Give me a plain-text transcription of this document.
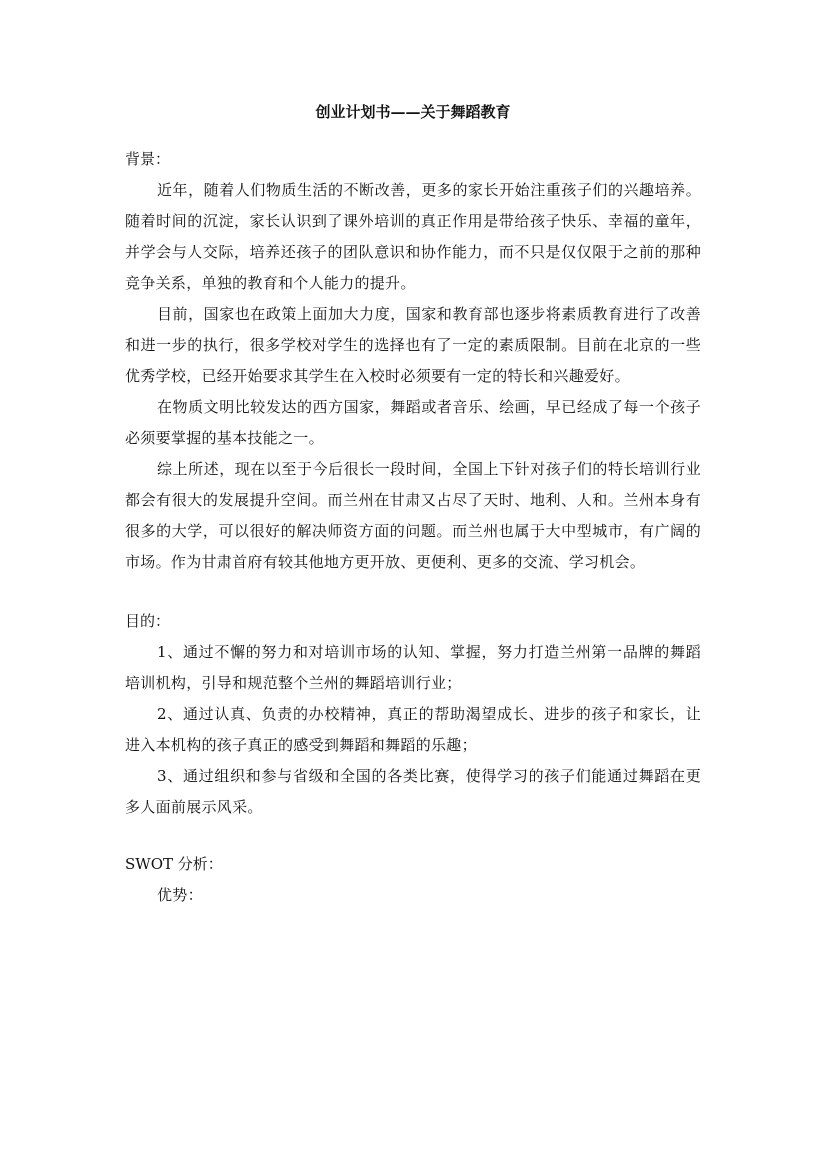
创业计划书——关于舞蹈教育

背景：

近年，随着人们物质生活的不断改善，更多的家长开始注重孩子们的兴趣培养。随着时间的沉淀，家长认识到了课外培训的真正作用是带给孩子快乐、幸福的童年，并学会与人交际，培养还孩子的团队意识和协作能力，而不只是仅仅限于之前的那种竞争关系，单独的教育和个人能力的提升。

目前，国家也在政策上面加大力度，国家和教育部也逐步将素质教育进行了改善和进一步的执行，很多学校对学生的选择也有了一定的素质限制。目前在北京的一些优秀学校，已经开始要求其学生在入校时必须要有一定的特长和兴趣爱好。

在物质文明比较发达的西方国家，舞蹈或者音乐、绘画，早已经成了每一个孩子必须要掌握的基本技能之一。

综上所述，现在以至于今后很长一段时间，全国上下针对孩子们的特长培训行业都会有很大的发展提升空间。而兰州在甘肃又占尽了天时、地利、人和。兰州本身有很多的大学，可以很好的解决师资方面的问题。而兰州也属于大中型城市，有广阔的市场。作为甘肃首府有较其他地方更开放、更便利、更多的交流、学习机会。

目的：

1、通过不懈的努力和对培训市场的认知、掌握，努力打造兰州第一品牌的舞蹈培训机构，引导和规范整个兰州的舞蹈培训行业；

2、通过认真、负责的办校精神，真正的帮助渴望成长、进步的孩子和家长，让进入本机构的孩子真正的感受到舞蹈和舞蹈的乐趣；

3、通过组织和参与省级和全国的各类比赛，使得学习的孩子们能通过舞蹈在更多人面前展示风采。

SWOT 分析：

优势：
